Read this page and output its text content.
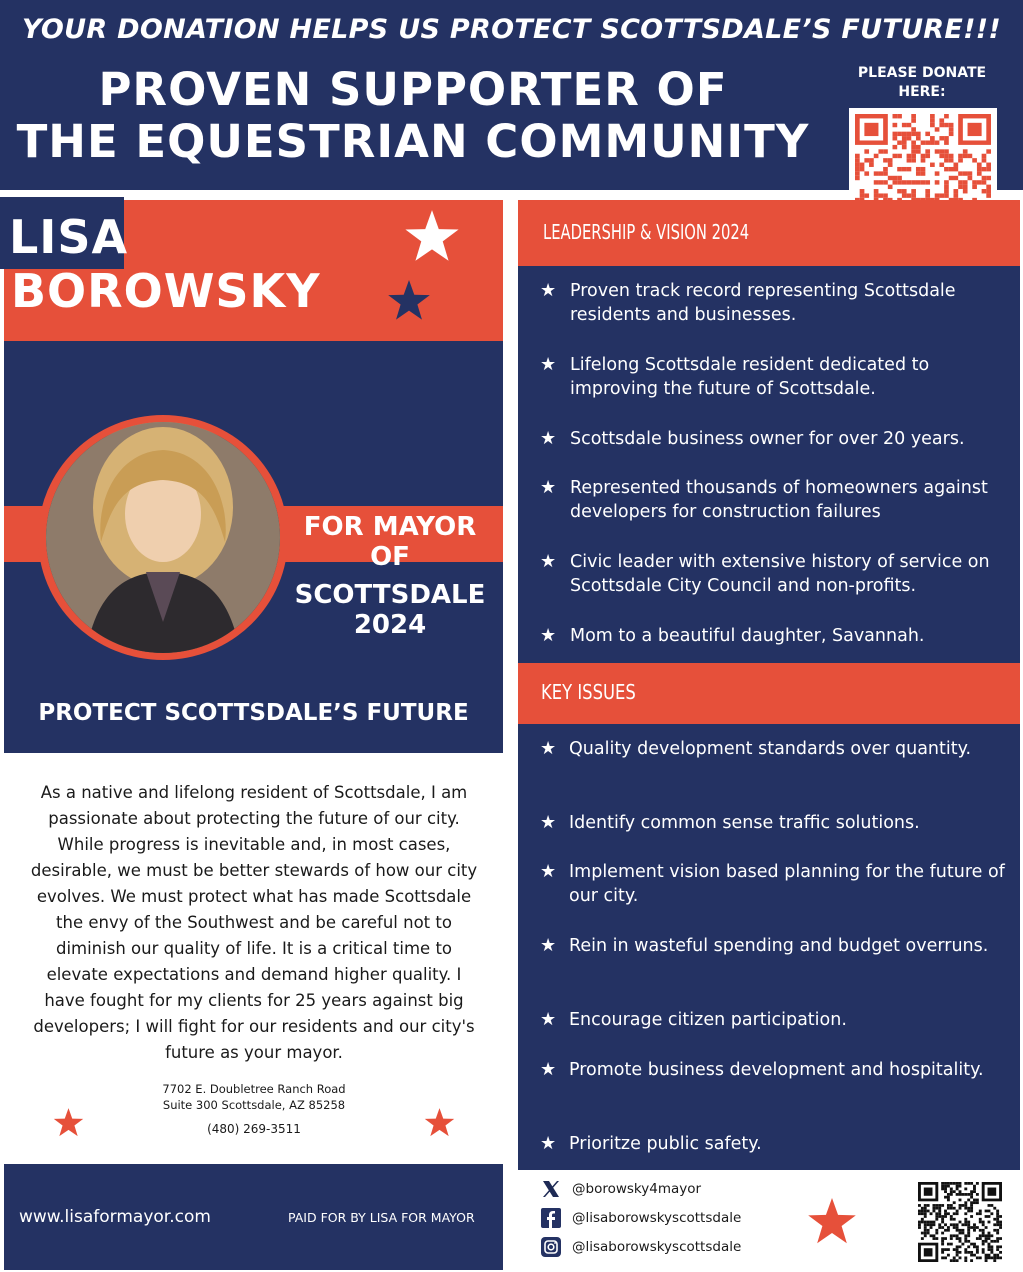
YOUR DONATION HELPS US PROTECT SCOTTSDALE’S FUTURE!!!
PROVEN SUPPORTER OF
THE EQUESTRIAN COMMUNITY
PLEASE DONATE HERE:
LISA
BOROWSKY
FOR MAYOR OF
SCOTTSDALE 2024
PROTECT SCOTTSDALE’S FUTURE
As a native and lifelong resident of Scottsdale, I am passionate about protecting the future of our city. While progress is inevitable and, in most cases, desirable, we must be better stewards of how our city evolves. We must protect what has made Scottsdale the envy of the Southwest and be careful not to diminish our quality of life. It is a critical time to elevate expectations and demand higher quality. I have fought for my clients for 25 years against big developers; I will fight for our residents and our city's future as your mayor.
7702 E. Doubletree Ranch Road
Suite 300 Scottsdale, AZ 85258
(480) 269-3511
www.lisaformayor.com	PAID FOR BY LISA FOR MAYOR
LEADERSHIP & VISION 2024
★ Proven track record representing Scottsdale residents and businesses.
★ Lifelong Scottsdale resident dedicated to improving the future of Scottsdale.
★ Scottsdale business owner for over 20 years.
★ Represented thousands of homeowners against developers for construction failures
★ Civic leader with extensive history of service on Scottsdale City Council and non-profits.
★ Mom to a beautiful daughter, Savannah.
KEY ISSUES
★ Quality development standards over quantity.
★ Identify common sense traffic solutions.
★ Implement vision based planning for the future of our city.
★ Rein in wasteful spending and budget overruns.
★ Encourage citizen participation.
★ Promote business development and hospitality.
★ Prioritze public safety.
@borowsky4mayor
@lisaborowskyscottsdale
@lisaborowskyscottsdale
